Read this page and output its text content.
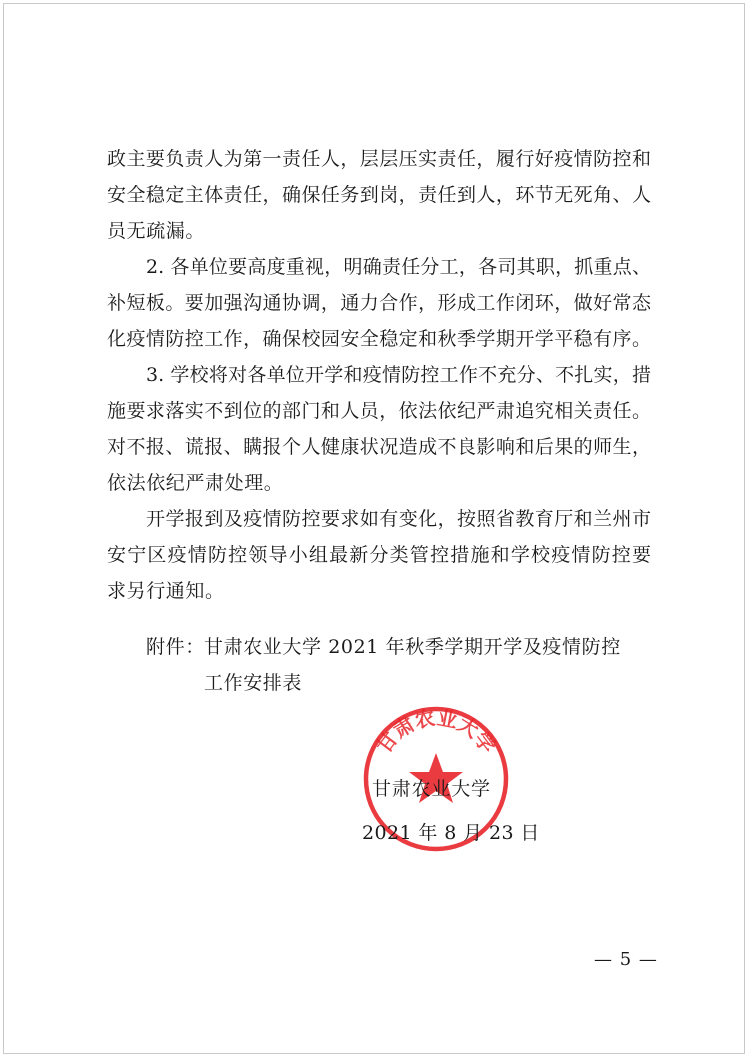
政主要负责人为第一责任人，层层压实责任，履行好疫情防控和
安全稳定主体责任，确保任务到岗，责任到人，环节无死角、人
员无疏漏。
2. 各单位要高度重视，明确责任分工，各司其职，抓重点、
补短板。要加强沟通协调，通力合作，形成工作闭环，做好常态
化疫情防控工作，确保校园安全稳定和秋季学期开学平稳有序。
3. 学校将对各单位开学和疫情防控工作不充分、不扎实，措
施要求落实不到位的部门和人员，依法依纪严肃追究相关责任。
对不报、谎报、瞒报个人健康状况造成不良影响和后果的师生，
依法依纪严肃处理。
开学报到及疫情防控要求如有变化，按照省教育厅和兰州市
安宁区疫情防控领导小组最新分类管控措施和学校疫情防控要
求另行通知。
附件： 甘肃农业大学 2021 年秋季学期开学及疫情防控
工作安排表
甘肃农业大学
甘肃农业大学
2021 年 8 月 23 日
— 5 —
